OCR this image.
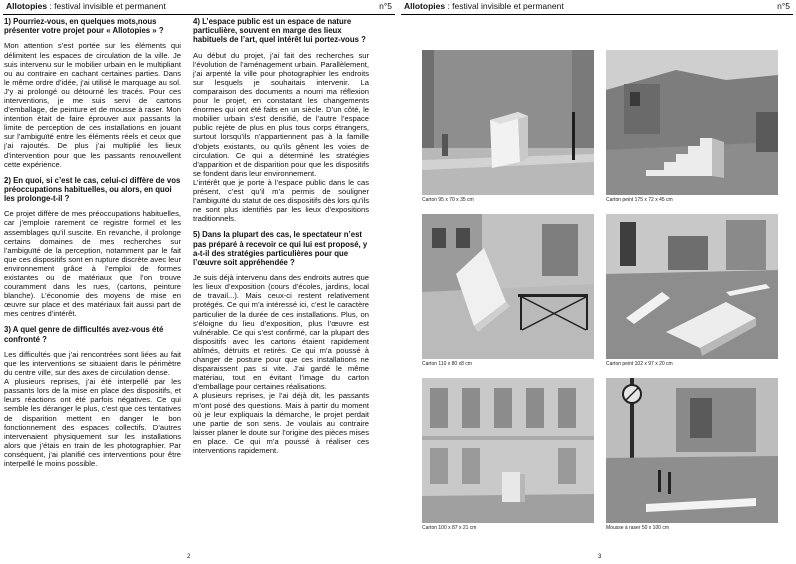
Allotopies : festival invisible et permanent	n°5
1) Pourriez-vous, en quelques mots,nous présenter votre projet pour « Allotopies » ?

Mon attention s’est portée sur les éléments qui délimitent les espaces de circulation de la ville. Je suis intervenu sur le mobilier urbain en le multipliant ou au contraire en cachant certaines parties. Dans le même ordre d’idée, j’ai utilisé le marquage au sol. J’y ai prolongé ou détourné les tracés. Pour ces interventions, je me suis servi de cartons d’emballage, de peinture et de mousse à raser. Mon intention était de faire éprouver aux passants la limite de perception de ces installations en jouant sur l’ambiguïté entre les éléments réels et ceux que j’ai rajoutés. De plus j’ai multiplié les lieux d’intervention pour que les passants renouvellent cette expérience.

2) En quoi, si c’est le cas, celui-ci diffère de vos préoccupations habituelles, ou alors, en quoi les prolonge-t-il ?

Ce projet diffère de mes préoccupations habituelles, car j’emploie rarement ce registre formel et les assemblages qu’il suscite. En revanche, il prolonge certains domaines de mes recherches sur l’ambiguïté de la perception, notamment par le fait que ces dispositifs sont en rupture discrète avec leur environnement grâce à l’emploi de formes existantes ou de matériaux que l’on trouve couramment dans les rues, (cartons, peinture blanche). L’économie des moyens de mise en œuvre sur place et des matériaux fait aussi part de mes centres d’intérêt.

3) A quel genre de difficultés avez-vous été confronté ?

Les difficultés que j’ai rencontrées sont liées au fait que les interventions se situaient dans le périmètre du centre ville, sur des axes de circulation dense.

A plusieurs reprises, j’ai été interpellé par les passants lors de la mise en place des dispositifs, et leurs réactions ont été parfois négatives. Ce qui semble les déranger le plus, c’est que ces tentatives de disparition mettent en danger le bon fonctionnement des espaces collectifs. D’autres intervenaient physiquement sur les installations alors que j’étais en train de les photographier. Par conséquent, j’ai planifié ces interventions pour être interpellé le moins possible.

4) L’espace public est un espace de nature particulière, souvent en marge des lieux habituels de l’art, quel intérêt lui portez-vous ?

Au début du projet, j’ai fait des recherches sur l’évolution de l’aménagement urbain. Parallèlement, j’ai arpenté la ville pour photographier les endroits sur lesquels je souhaitais intervenir. La comparaison des documents a nourri ma réflexion pour le projet, en constatant les changements énormes qui ont été faits en un siècle. D’un côté, le mobilier urbain s’est densifié, de l’autre l’espace public rejète de plus en plus tous corps étrangers, surtout lorsqu’ils n’appartiennent pas à la famille d’objets existants, ou qu’ils gênent les voies de circulation. Ce qui a déterminé les stratégies d’apparition et de disparition pour que les dispositifs se fondent dans leur environnement.

L’intérêt que je porte à l’espace public dans le cas présent, c’est qu’il m’a permis de souligner l’ambiguïté du statut de ces dispositifs dès lors qu’ils ne sont plus identifiés par les lieux d’expositions traditionnels.

5) Dans la plupart des cas, le spectateur n’est pas préparé à recevoir ce qui lui est proposé, y a-t-il des stratégies particulières pour que l’œuvre soit appréhendée ?

Je suis déjà intervenu dans des endroits autres que les lieux d’exposition (cours d’écoles, jardins, local de travail...). Mais ceux-ci restent relativement protégés. Ce qui m’a intéressé ici, c’est le caractère particulier de la durée de ces installations. Plus, on s’éloigne du lieu d’exposition, plus l’œuvre est vulnérable. Ce qui s’est confirmé, car la plupart des dispositifs avec les cartons étaient rapidement abîmés, détruits et retirés. Ce qui m’a poussé à changer de posture pour que ces installations ne disparaissent pas si vite. J’ai gardé le même matériau, tout en évitant l’image du carton d’emballage pour certaines réalisations.

A plusieurs reprises, je l’ai déjà dit, les passants m’ont posé des questions. Mais à partir du moment où je leur expliquais la démarche, le projet perdait une partie de son sens. Je voulais au contraire laisser planer le doute sur l’origine des pièces mises en place. Ce qui m’a poussé à réaliser ces interventions rapidement.

2
Allotopies : festival invisible et permanent	n°5
Carton 95 x 70 x 35 cm	Carton peint 175 x 72 x 45 cm
Carton 110 x 80 x8 cm	Carton peint 102 x 97 x 20 cm
Carton 100 x 87 x 21 cm	Mousse à raser 50 x 100 cm
3
